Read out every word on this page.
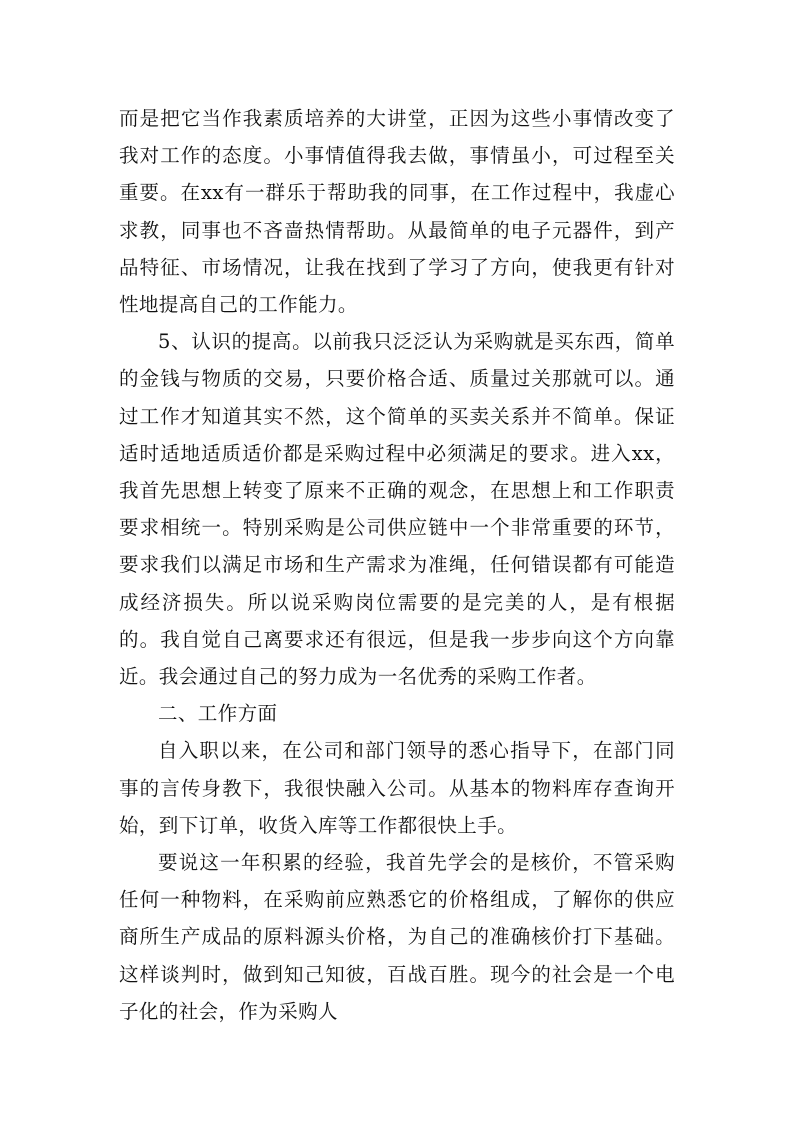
而是把它当作我素质培养的大讲堂，正因为这些小事情改变了我对工作的态度。小事情值得我去做，事情虽小，可过程至关重要。在xx有一群乐于帮助我的同事，在工作过程中，我虚心求教，同事也不吝啬热情帮助。从最简单的电子元器件，到产品特征、市场情况，让我在找到了学习了方向，使我更有针对性地提高自己的工作能力。

5、认识的提高。以前我只泛泛认为采购就是买东西，简单的金钱与物质的交易，只要价格合适、质量过关那就可以。通过工作才知道其实不然，这个简单的买卖关系并不简单。保证适时适地适质适价都是采购过程中必须满足的要求。进入xx，我首先思想上转变了原来不正确的观念，在思想上和工作职责要求相统一。特别采购是公司供应链中一个非常重要的环节，要求我们以满足市场和生产需求为准绳，任何错误都有可能造成经济损失。所以说采购岗位需要的是完美的人，是有根据的。我自觉自己离要求还有很远，但是我一步步向这个方向靠近。我会通过自己的努力成为一名优秀的采购工作者。

二、工作方面

自入职以来，在公司和部门领导的悉心指导下，在部门同事的言传身教下，我很快融入公司。从基本的物料库存查询开始，到下订单，收货入库等工作都很快上手。

要说这一年积累的经验，我首先学会的是核价，不管采购任何一种物料，在采购前应熟悉它的价格组成，了解你的供应商所生产成品的原料源头价格，为自己的准确核价打下基础。这样谈判时，做到知己知彼，百战百胜。现今的社会是一个电子化的社会，作为采购人
